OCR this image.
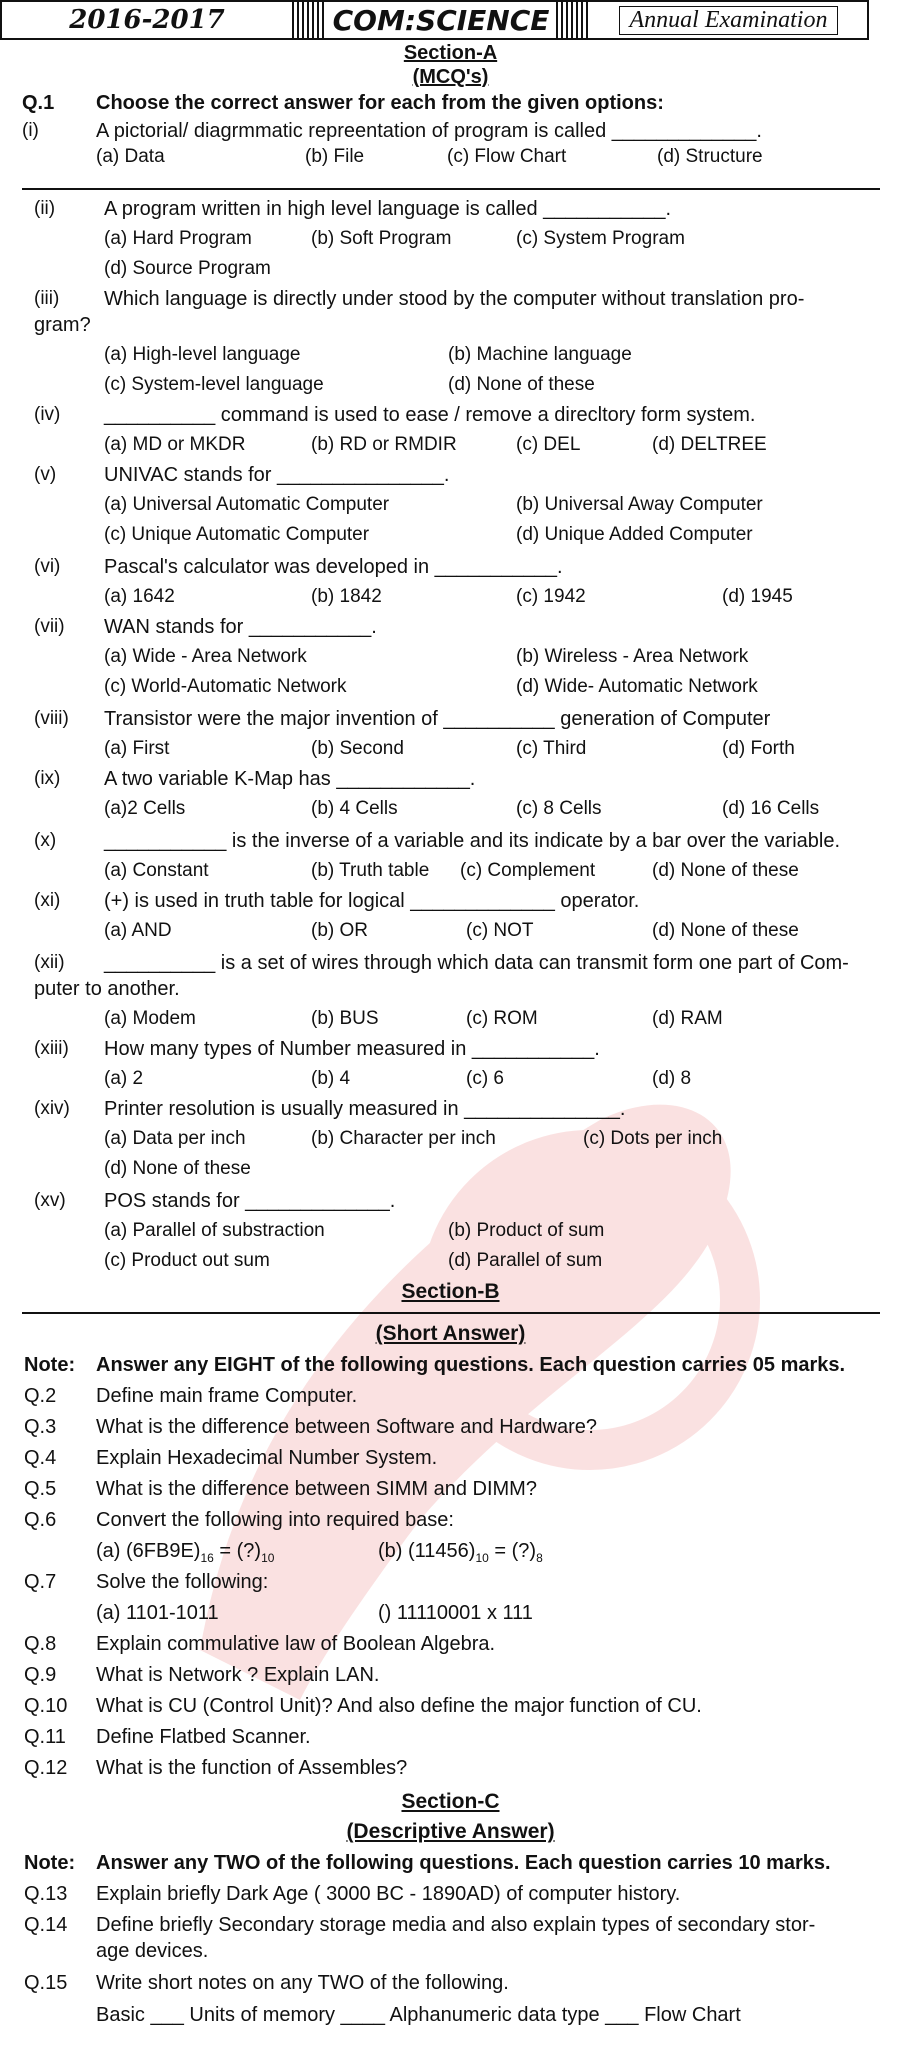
2016-2017	COM:SCIENCE	Annual Examination
Section-A
(MCQ's)
Q.1 Choose the correct answer for each from the given options:
(i)	A pictorial/ diagrmmatic repreentation of program is called _____________.
(a) Data	(b) File	(c) Flow Chart	(d) Structure
(ii) A program written in high level language is called ___________.
(a) Hard Program	(b) Soft Program	(c) System Program
(d) Source Program
(iii) Which language is directly under stood by the computer without translation pro-
gram?
(a) High-level language	(b) Machine language
(c) System-level language	(d) None of these
(iv) __________ command is used to ease / remove a direcltory form system.
(a) MD or MKDR	(b) RD or RMDIR	(c) DEL	(d) DELTREE
(v) UNIVAC stands for _______________.
(a) Universal Automatic Computer	(b) Universal Away Computer
(c) Unique Automatic Computer	(d) Unique Added Computer
(vi) Pascal's calculator was developed in ___________.
(a) 1642	(b) 1842	(c) 1942	(d) 1945
(vii) WAN stands for ___________.
(a) Wide - Area Network	(b) Wireless - Area Network
(c) World-Automatic Network	(d) Wide- Automatic Network
(viii) Transistor were the major invention of __________ generation of Computer
(a) First	(b) Second	(c) Third	(d) Forth
(ix) A two variable K-Map has ____________.
(a)2 Cells	(b) 4 Cells	(c) 8 Cells	(d) 16 Cells
(x) ___________ is the inverse of a variable and its indicate by a bar over the variable.
(a) Constant	(b) Truth table (c) Complement	(d) None of these
(xi) (+) is used in truth table for logical _____________ operator.
(a) AND	(b) OR	(c) NOT	(d) None of these
(xii) __________ is a set of wires through which data can transmit form one part of Com-
puter to another.
(a) Modem	(b) BUS	(c) ROM	(d) RAM
(xiii) How many types of Number measured in ___________.
(a) 2	(b) 4	(c) 6	(d) 8
(xiv) Printer resolution is usually measured in ______________.
(a) Data per inch	(b) Character per inch	(c) Dots per inch
(d) None of these
(xv) POS stands for _____________.
(a) Parallel of substraction	(b) Product of sum
(c) Product out sum	(d) Parallel of sum
Section-B
(Short Answer)
Note: Answer any EIGHT of the following questions. Each question carries 05 marks.
Q.2 Define main frame Computer.
Q.3 What is the difference between Software and Hardware?
Q.4 Explain Hexadecimal Number System.
Q.5 What is the difference between SIMM and DIMM?
Q.6 Convert the following into required base:
(a) $(6FB9E)_{16}$ = $(?)_{10}$	(b) $(11456)_{10}$ = $(?)_8$
Q.7 Solve the following:
(a) 1101-1011	() 11110001 x 111
Q.8 Explain commulative law of Boolean Algebra.
Q.9 What is Network ? Explain LAN.
Q.10 What is CU (Control Unit)? And also define the major function of CU.
Q.11 Define Flatbed Scanner.
Q.12 What is the function of Assembles?
Section-C
(Descriptive Answer)
Note: Answer any TWO of the following questions. Each question carries 10 marks.
Q.13 Explain briefly Dark Age ( 3000 BC - 1890AD) of computer history.
Q.14 Define briefly Secondary storage media and also explain types of secondary stor-
age devices.
Q.15 Write short notes on any TWO of the following.
Basic ___ Units of memory ____ Alphanumeric data type ___ Flow Chart
